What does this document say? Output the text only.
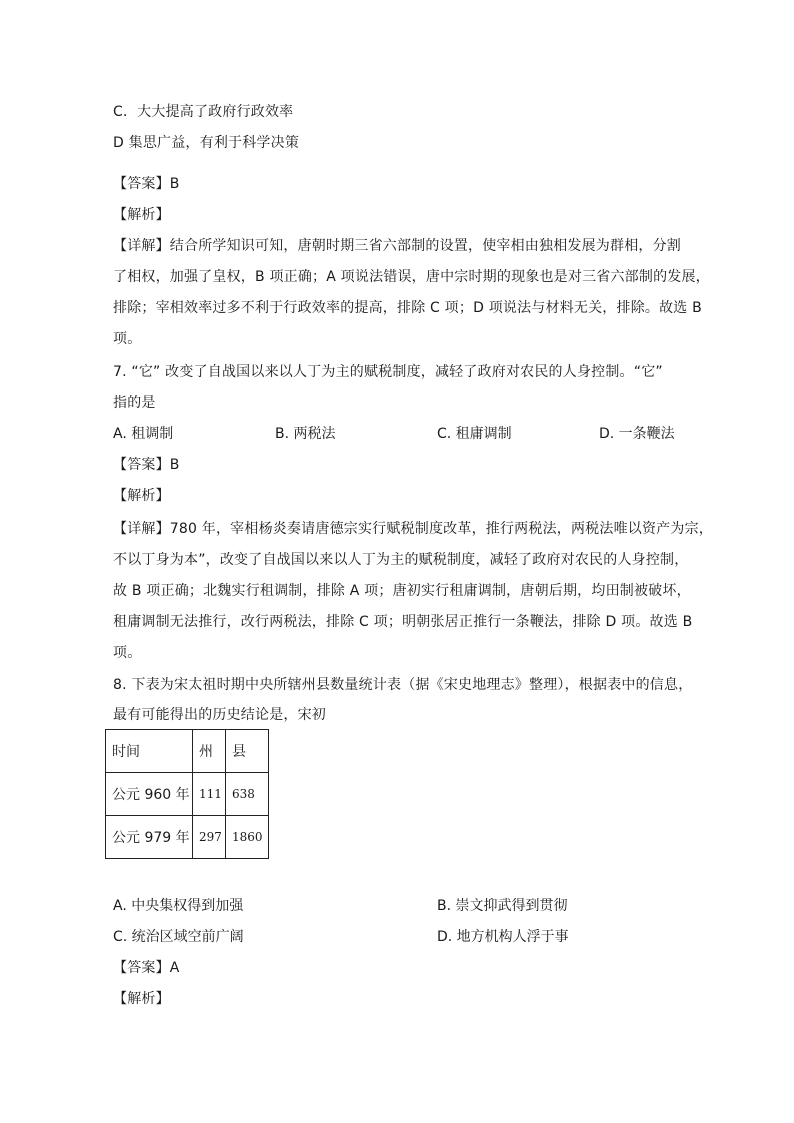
C．大大提高了政府行政效率
D 集思广益，有利于科学决策
【答案】B
【解析】
【详解】结合所学知识可知，唐朝时期三省六部制的设置，使宰相由独相发展为群相，分割
了相权，加强了皇权，B 项正确；A 项说法错误，唐中宗时期的现象也是对三省六部制的发展，
排除；宰相效率过多不利于行政效率的提高，排除 C 项；D 项说法与材料无关，排除。故选 B
项。
7. “它” 改变了自战国以来以人丁为主的赋税制度，减轻了政府对农民的人身控制。“它”
指的是
A. 租调制	B. 两税法	C. 租庸调制	D. 一条鞭法
【答案】B
【解析】
【详解】780 年，宰相杨炎奏请唐德宗实行赋税制度改革，推行两税法，两税法唯以资产为宗，
不以丁身为本”，改变了自战国以来以人丁为主的赋税制度，减轻了政府对农民的人身控制，
故 B 项正确；北魏实行租调制，排除 A 项；唐初实行租庸调制，唐朝后期，均田制被破坏，
租庸调制无法推行，改行两税法，排除 C 项；明朝张居正推行一条鞭法，排除 D 项。故选 B
项。
8. 下表为宋太祖时期中央所辖州县数量统计表（据《宋史地理志》整理），根据表中的信息，
最有可能得出的历史结论是，宋初
时间	州	县
公元 960 年	111	638
公元 979 年	297	1860
A. 中央集权得到加强	B. 崇文抑武得到贯彻
C. 统治区域空前广阔	D. 地方机构人浮于事
【答案】A
【解析】
